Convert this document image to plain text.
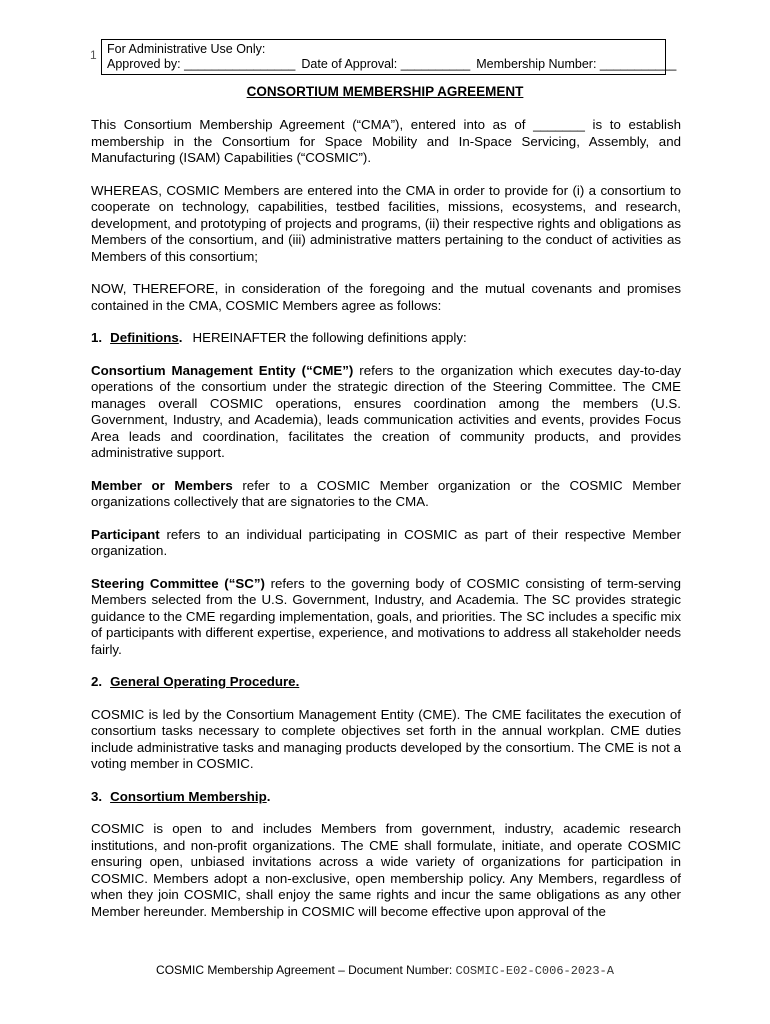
1 For Administrative Use Only:
Approved by: ________________ Date of Approval: __________ Membership Number: ___________
CONSORTIUM MEMBERSHIP AGREEMENT

This Consortium Membership Agreement (“CMA”), entered into as of _______ is to establish membership in the Consortium for Space Mobility and In-Space Servicing, Assembly, and Manufacturing (ISAM) Capabilities (“COSMIC”).

WHEREAS, COSMIC Members are entered into the CMA in order to provide for (i) a consortium to cooperate on technology, capabilities, testbed facilities, missions, ecosystems, and research, development, and prototyping of projects and programs, (ii) their respective rights and obligations as Members of the consortium, and (iii) administrative matters pertaining to the conduct of activities as Members of this consortium;

NOW, THEREFORE, in consideration of the foregoing and the mutual covenants and promises contained in the CMA, COSMIC Members agree as follows:

1. Definitions. HEREINAFTER the following definitions apply:

Consortium Management Entity (“CME”) refers to the organization which executes day-to-day operations of the consortium under the strategic direction of the Steering Committee. The CME manages overall COSMIC operations, ensures coordination among the members (U.S. Government, Industry, and Academia), leads communication activities and events, provides Focus Area leads and coordination, facilitates the creation of community products, and provides administrative support.

Member or Members refer to a COSMIC Member organization or the COSMIC Member organizations collectively that are signatories to the CMA.

Participant refers to an individual participating in COSMIC as part of their respective Member organization.

Steering Committee (“SC”) refers to the governing body of COSMIC consisting of term-serving Members selected from the U.S. Government, Industry, and Academia. The SC provides strategic guidance to the CME regarding implementation, goals, and priorities. The SC includes a specific mix of participants with different expertise, experience, and motivations to address all stakeholder needs fairly.

2. General Operating Procedure.

COSMIC is led by the Consortium Management Entity (CME). The CME facilitates the execution of consortium tasks necessary to complete objectives set forth in the annual workplan. CME duties include administrative tasks and managing products developed by the consortium. The CME is not a voting member in COSMIC.

3. Consortium Membership.

COSMIC is open to and includes Members from government, industry, academic research institutions, and non-profit organizations. The CME shall formulate, initiate, and operate COSMIC ensuring open, unbiased invitations across a wide variety of organizations for participation in COSMIC. Members adopt a non-exclusive, open membership policy. Any Members, regardless of when they join COSMIC, shall enjoy the same rights and incur the same obligations as any other Member hereunder. Membership in COSMIC will become effective upon approval of the

COSMIC Membership Agreement – Document Number: COSMIC-E02-C006-2023-A
